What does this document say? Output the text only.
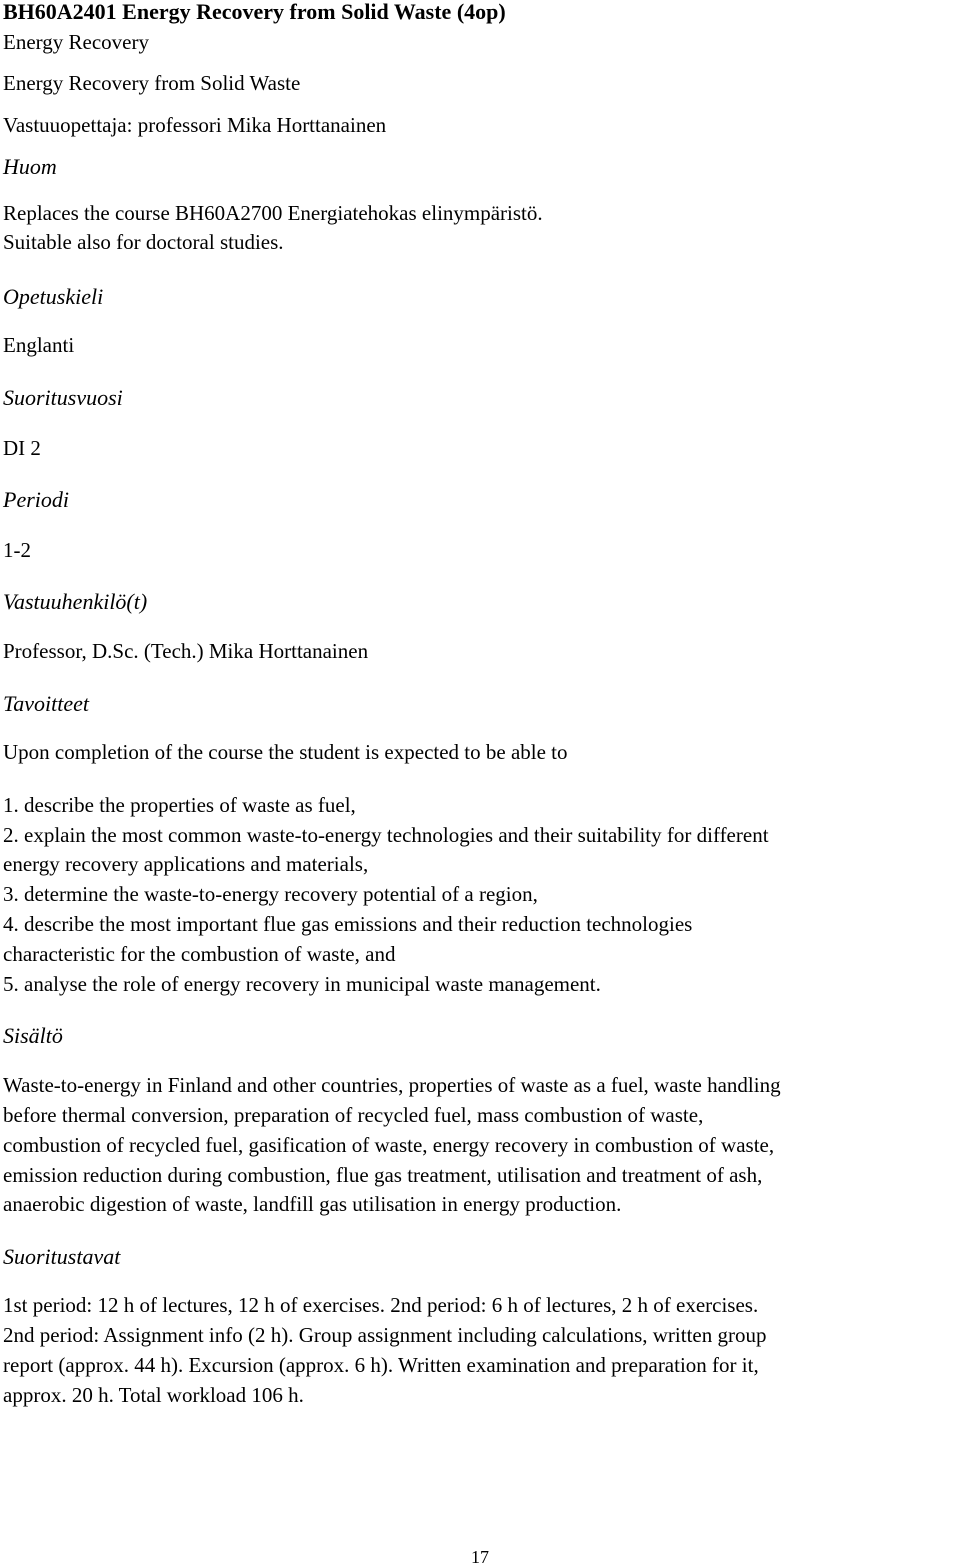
BH60A2401 Energy Recovery from Solid Waste (4op)
Energy Recovery
Energy Recovery from Solid Waste
Vastuuopettaja: professori Mika Horttanainen
Huom
Replaces the course BH60A2700 Energiatehokas elinympäristö.
Suitable also for doctoral studies.
Opetuskieli
Englanti
Suoritusvuosi
DI 2
Periodi
1-2
Vastuuhenkilö(t)
Professor, D.Sc. (Tech.) Mika Horttanainen
Tavoitteet
Upon completion of the course the student is expected to be able to
1. describe the properties of waste as fuel,
2. explain the most common waste-to-energy technologies and their suitability for different
energy recovery applications and materials,
3. determine the waste-to-energy recovery potential of a region,
4. describe the most important flue gas emissions and their reduction technologies
characteristic for the combustion of waste, and
5. analyse the role of energy recovery in municipal waste management.
Sisältö
Waste-to-energy in Finland and other countries, properties of waste as a fuel, waste handling
before thermal conversion, preparation of recycled fuel, mass combustion of waste,
combustion of recycled fuel, gasification of waste, energy recovery in combustion of waste,
emission reduction during combustion, flue gas treatment, utilisation and treatment of ash,
anaerobic digestion of waste, landfill gas utilisation in energy production.
Suoritustavat
1st period: 12 h of lectures, 12 h of exercises. 2nd period: 6 h of lectures, 2 h of exercises.
2nd period: Assignment info (2 h). Group assignment including calculations, written group
report (approx. 44 h). Excursion (approx. 6 h). Written examination and preparation for it,
approx. 20 h. Total workload 106 h.
17
